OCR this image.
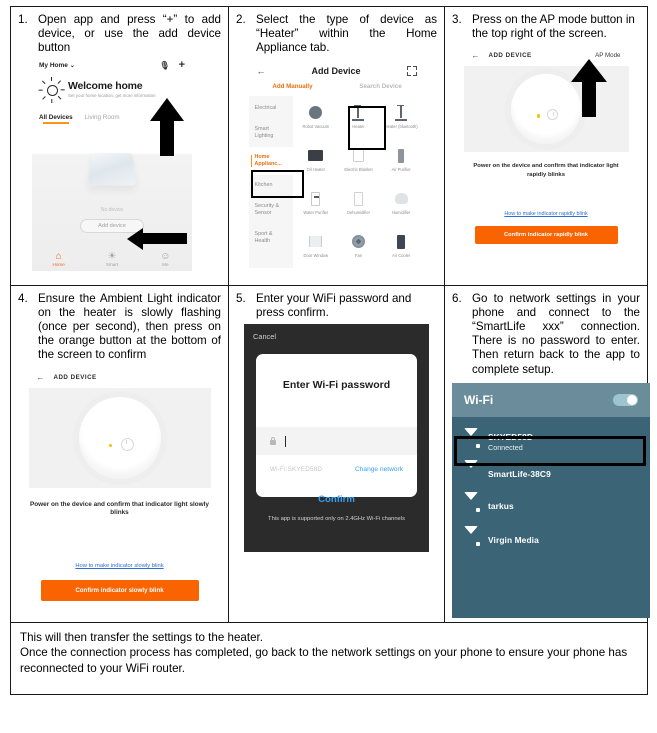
1. Open app and press “+” to add device, or use the add device button
My Home ⌄	🎙 +
Welcome home
Set your home location, get more information
All Devices Living Room
No device
Add device
⌂
Home
☀
Smart
☺
Me

2. Select the type of device as “Heater” within the Home Appliance tab.
←	Add Device
Add Manually	Search Device
Electrical
Smart Lighting
Home Applianc...
Kitchen
Security & Sensor
Sport & Health
Robot Vacuum	Heater	Heater (bluetooth)
Oil Heater	Electric Blanket	Air Purifier
Water Purifier	Dehumidifier	Humidifier
Door Window	Fan	Air Cooler

3. Press on the AP mode button in the top right of the screen.
← ADD DEVICE	AP Mode
Power on the device and confirm that indicator light rapidly blinks
How to make indicator rapidly blink
Confirm indicator rapidly blink

4. Ensure the Ambient Light indicator on the heater is slowly flashing (once per second), then press on the orange button at the bottom of the screen to confirm
← ADD DEVICE
Power on the device and confirm that indicator light slowly blinks
How to make indicator slowly blink
Confirm indicator slowly blink

5. Enter your WiFi password and press confirm.
Cancel
Enter Wi-Fi password
Wi-Fi:SKYED58D	Change network
Confirm
This app is supported only on 2.4GHz Wi-Fi channels

6. Go to network settings in your phone and connect to the “SmartLife xxx” connection. There is no password to enter. Then return back to the app to complete setup.
Wi-Fi
SKYED58D
Connected
SmartLife-38C9
tarkus
Virgin Media

This will then transfer the settings to the heater.
Once the connection process has completed, go back to the network settings on your phone to ensure your phone has reconnected to your WiFi router.		
